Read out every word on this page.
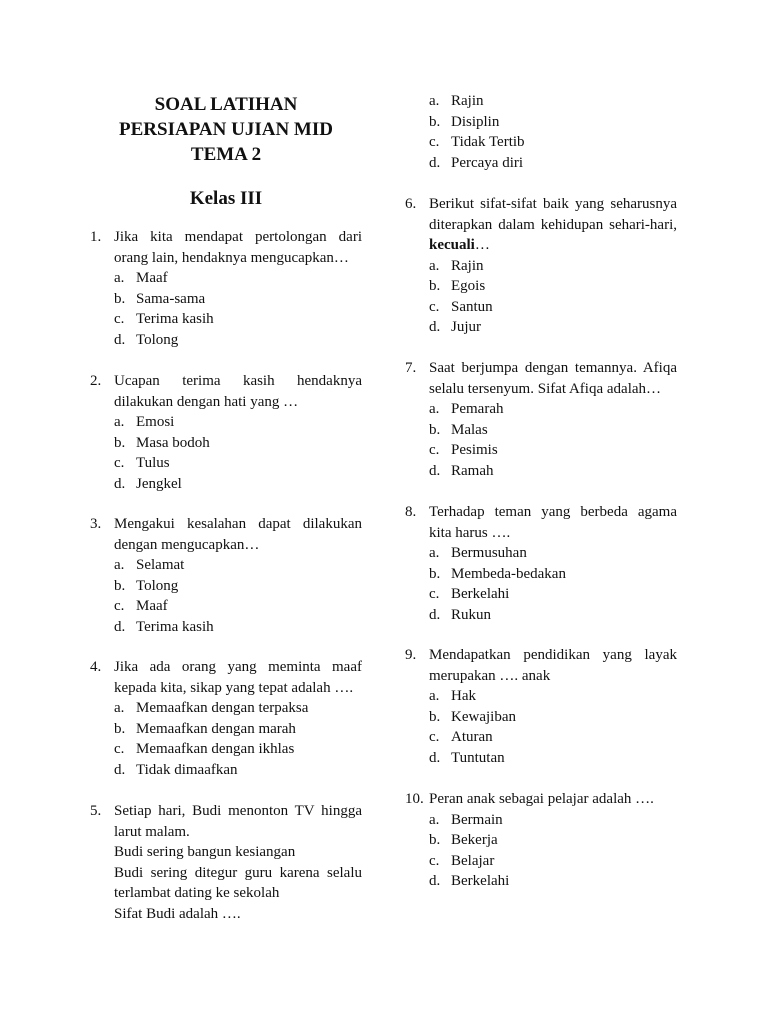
SOAL LATIHAN
PERSIAPAN UJIAN MID
TEMA 2
Kelas III
1. Jika kita mendapat pertolongan dari orang lain, hendaknya mengucapkan…
a. Maaf
b. Sama-sama
c. Terima kasih
d. Tolong
2. Ucapan terima kasih hendaknya dilakukan dengan hati yang …
a. Emosi
b. Masa bodoh
c. Tulus
d. Jengkel
3. Mengakui kesalahan dapat dilakukan dengan mengucapkan…
a. Selamat
b. Tolong
c. Maaf
d. Terima kasih
4. Jika ada orang yang meminta maaf kepada kita, sikap yang tepat adalah ….
a. Memaafkan dengan terpaksa
b. Memaafkan dengan marah
c. Memaafkan dengan ikhlas
d. Tidak dimaafkan
5. Setiap hari, Budi menonton TV hingga larut malam.
Budi sering bangun kesiangan
Budi sering ditegur guru karena selalu terlambat dating ke sekolah
Sifat Budi adalah ….
a. Rajin
b. Disiplin
c. Tidak Tertib
d. Percaya diri
6. Berikut sifat-sifat baik yang seharusnya diterapkan dalam kehidupan sehari-hari, kecuali…
a. Rajin
b. Egois
c. Santun
d. Jujur
7. Saat berjumpa dengan temannya. Afiqa selalu tersenyum. Sifat Afiqa adalah…
a. Pemarah
b. Malas
c. Pesimis
d. Ramah
8. Terhadap teman yang berbeda agama kita harus ….
a. Bermusuhan
b. Membeda-bedakan
c. Berkelahi
d. Rukun
9. Mendapatkan pendidikan yang layak merupakan …. anak
a. Hak
b. Kewajiban
c. Aturan
d. Tuntutan
10. Peran anak sebagai pelajar adalah ….
a. Bermain
b. Bekerja
c. Belajar
d. Berkelahi
